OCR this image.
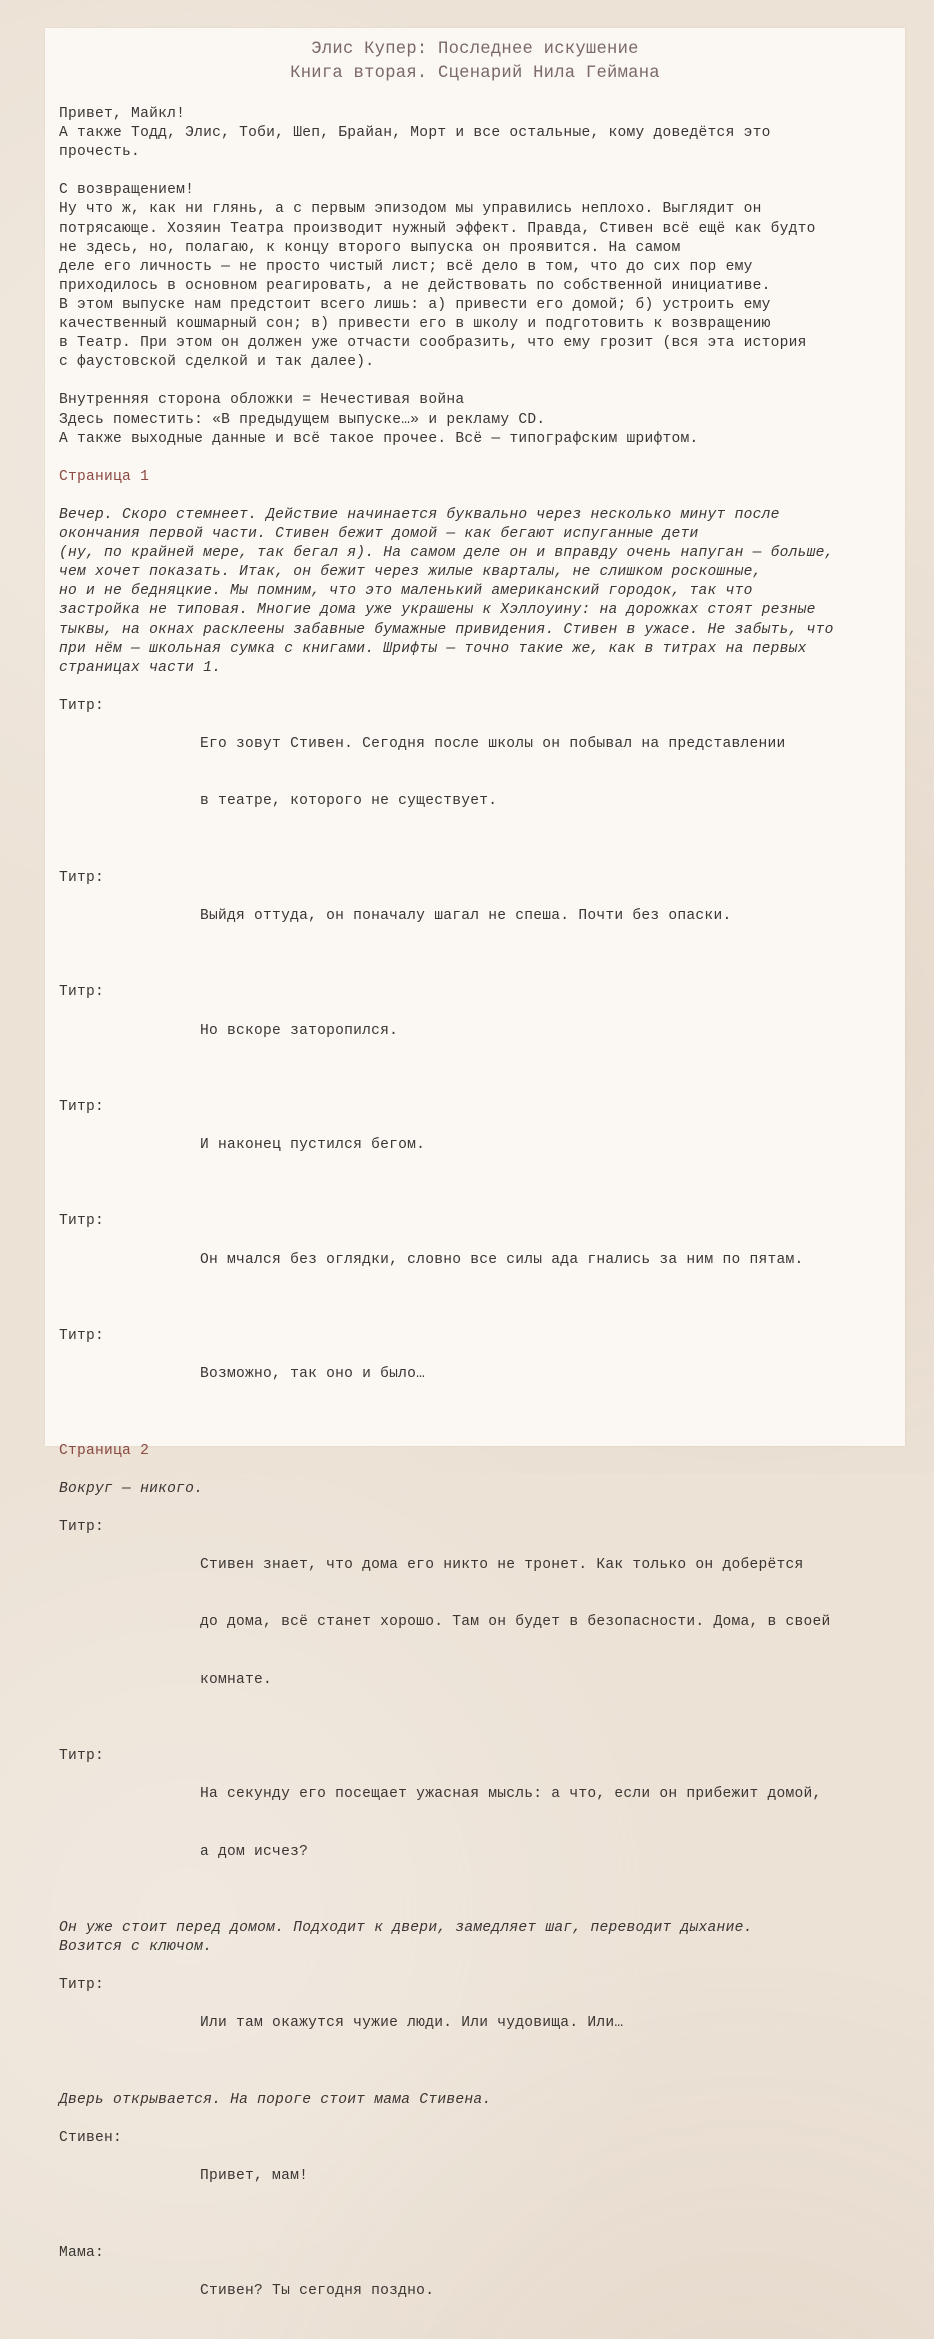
Элис Купер: Последнее искушение
Книга вторая. Сценарий Нила Геймана
Привет, Майкл!
А также Тодд, Элис, Тоби, Шеп, Брайан, Морт и все остальные, кому доведётся это
прочесть.
С возвращением!
Ну что ж, как ни глянь, а с первым эпизодом мы управились неплохо. Выглядит он
потрясающе. Хозяин Театра производит нужный эффект. Правда, Стивен всё ещё как будто
не здесь, но, полагаю, к концу второго выпуска он проявится. На самом
деле его личность — не просто чистый лист; всё дело в том, что до сих пор ему
приходилось в основном реагировать, а не действовать по собственной инициативе.
В этом выпуске нам предстоит всего лишь: а) привести его домой; б) устроить ему
качественный кошмарный сон; в) привести его в школу и подготовить к возвращению
в Театр. При этом он должен уже отчасти сообразить, что ему грозит (вся эта история
с фаустовской сделкой и так далее).
Внутренняя сторона обложки = Нечестивая война
Здесь поместить: «В предыдущем выпуске…» и рекламу CD.
А также выходные данные и всё такое прочее. Всё — типографским шрифтом.
Страница 1
Вечер. Скоро стемнеет. Действие начинается буквально через несколько минут после
окончания первой части. Стивен бежит домой — как бегают испуганные дети
(ну, по крайней мере, так бегал я). На самом деле он и вправду очень напуган — больше,
чем хочет показать. Итак, он бежит через жилые кварталы, не слишком роскошные,
но и не бедняцкие. Мы помним, что это маленький американский городок, так что
застройка не типовая. Многие дома уже украшены к Хэллоуину: на дорожках стоят резные
тыквы, на окнах расклеены забавные бумажные привидения. Стивен в ужасе. Не забыть, что
при нём — школьная сумка с книгами. Шрифты — точно такие же, как в титрах на первых
страницах части 1.
Титр:

Его зовут Стивен. Сегодня после школы он побывал на представлении

в театре, которого не существует.

Титр:

Выйдя оттуда, он поначалу шагал не спеша. Почти без опаски.

Титр:

Но вскоре заторопился.

Титр:

И наконец пустился бегом.

Титр:

Он мчался без оглядки, словно все силы ада гнались за ним по пятам.

Титр:

Возможно, так оно и было…

Страница 2
Вокруг — никого.
Титр:

Стивен знает, что дома его никто не тронет. Как только он доберётся

до дома, всё станет хорошо. Там он будет в безопасности. Дома, в своей

комнате.

Титр:

На секунду его посещает ужасная мысль: а что, если он прибежит домой,

а дом исчез?

Он уже стоит перед домом. Подходит к двери, замедляет шаг, переводит дыхание.
Возится с ключом.
Титр:

Или там окажутся чужие люди. Или чудовища. Или…

Дверь открывается. На пороге стоит мама Стивена.
Стивен:

Привет, мам!

Мама:

Стивен? Ты сегодня поздно.
